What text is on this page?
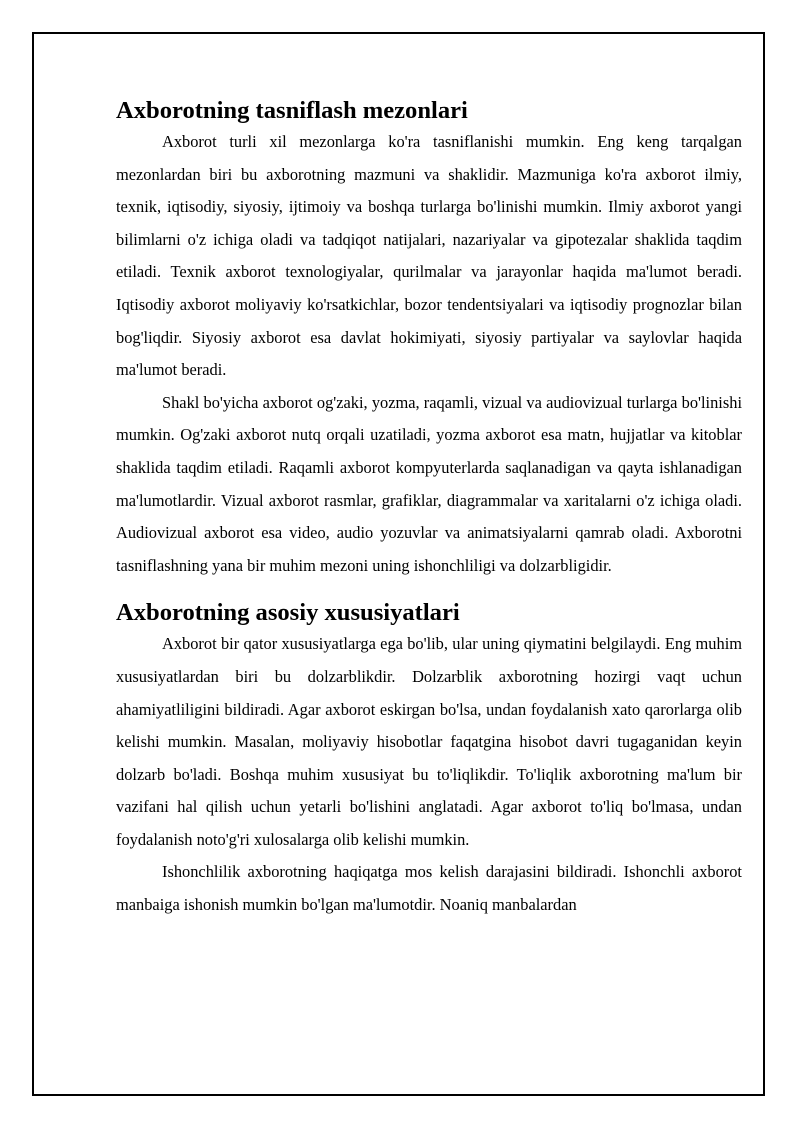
Axborotning tasniflash mezonlari

Axborot turli xil mezonlarga ko'ra tasniflanishi mumkin. Eng keng tarqalgan mezonlardan biri bu axborotning mazmuni va shaklidir. Mazmuniga ko'ra axborot ilmiy, texnik, iqtisodiy, siyosiy, ijtimoiy va boshqa turlarga bo'linishi mumkin. Ilmiy axborot yangi bilimlarni o'z ichiga oladi va tadqiqot natijalari, nazariyalar va gipotezalar shaklida taqdim etiladi. Texnik axborot texnologiyalar, qurilmalar va jarayonlar haqida ma'lumot beradi. Iqtisodiy axborot moliyaviy ko'rsatkichlar, bozor tendentsiyalari va iqtisodiy prognozlar bilan bog'liqdir. Siyosiy axborot esa davlat hokimiyati, siyosiy partiyalar va saylovlar haqida ma'lumot beradi.

Shakl bo'yicha axborot og'zaki, yozma, raqamli, vizual va audiovizual turlarga bo'linishi mumkin. Og'zaki axborot nutq orqali uzatiladi, yozma axborot esa matn, hujjatlar va kitoblar shaklida taqdim etiladi. Raqamli axborot kompyuterlarda saqlanadigan va qayta ishlanadigan ma'lumotlardir. Vizual axborot rasmlar, grafiklar, diagrammalar va xaritalarni o'z ichiga oladi. Audiovizual axborot esa video, audio yozuvlar va animatsiyalarni qamrab oladi. Axborotni tasniflashning yana bir muhim mezoni uning ishonchliligi va dolzarbligidir.

Axborotning asosiy xususiyatlari

Axborot bir qator xususiyatlarga ega bo'lib, ular uning qiymatini belgilaydi. Eng muhim xususiyatlardan biri bu dolzarblikdir. Dolzarblik axborotning hozirgi vaqt uchun ahamiyatliligini bildiradi. Agar axborot eskirgan bo'lsa, undan foydalanish xato qarorlarga olib kelishi mumkin. Masalan, moliyaviy hisobotlar faqatgina hisobot davri tugaganidan keyin dolzarb bo'ladi. Boshqa muhim xususiyat bu to'liqlikdir. To'liqlik axborotning ma'lum bir vazifani hal qilish uchun yetarli bo'lishini anglatadi. Agar axborot to'liq bo'lmasa, undan foydalanish noto'g'ri xulosalarga olib kelishi mumkin.

Ishonchlilik axborotning haqiqatga mos kelish darajasini bildiradi. Ishonchli axborot manbaiga ishonish mumkin bo'lgan ma'lumotdir. Noaniq manbalardan
